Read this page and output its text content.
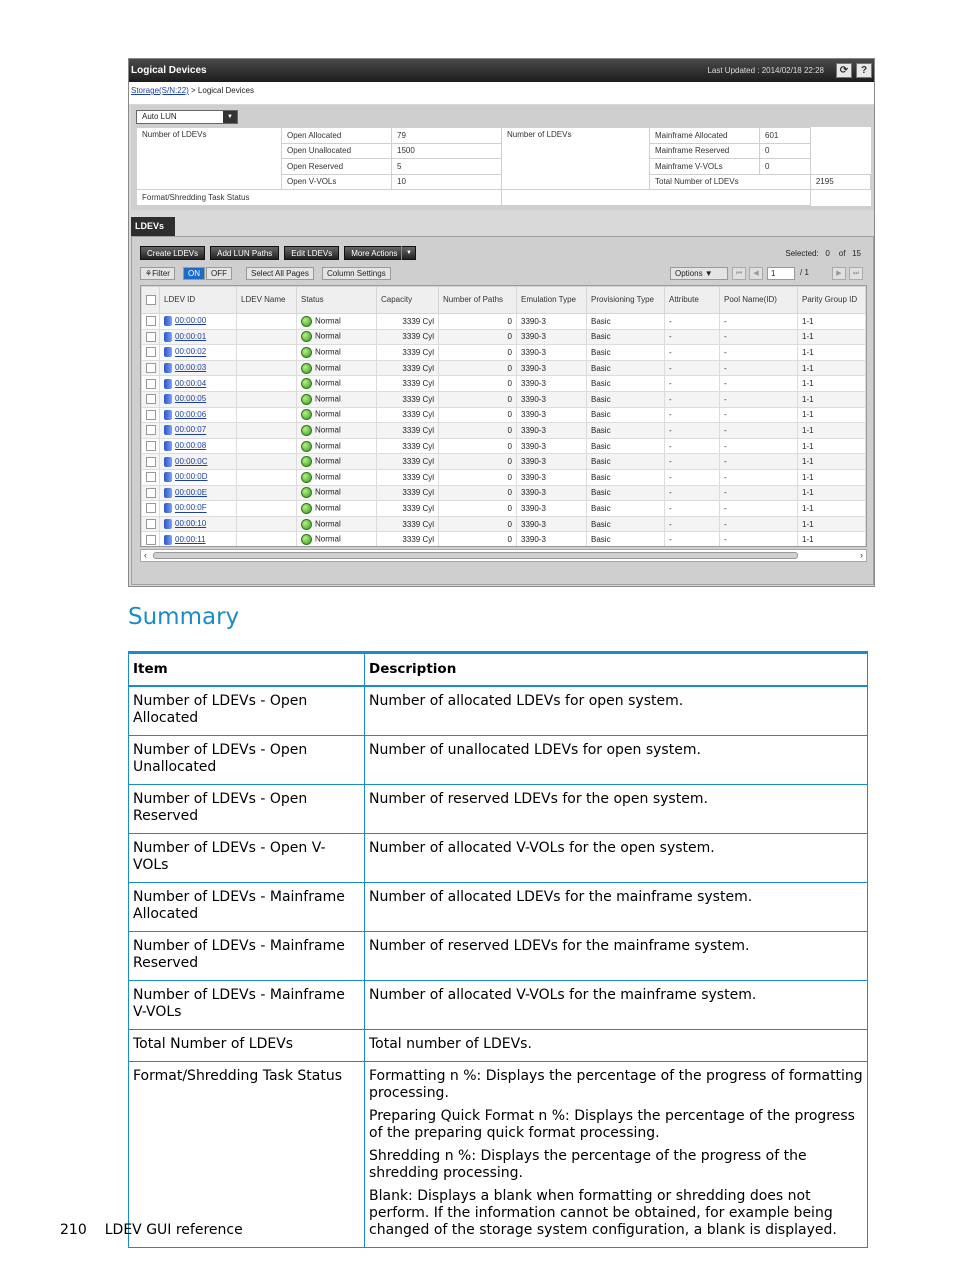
Logical Devices	Last Updated : 2014/02/18 22:28	⟳	?
Storage(S/N:22) > Logical Devices
Auto LUN	▼
Number of LDEVs	Open Allocated	79	Number of LDEVs	Mainframe Allocated	601	
	Open Unallocated	1500		Mainframe Reserved	0	
	Open Reserved	5		Mainframe V-VOLs	0	
	Open V-VOLs	10		Total Number of LDEVs		2195
Format/Shredding Task Status						
LDEVs
Create LDEVs	Add LUN Paths	Edit LDEVs	More Actions	▼	Selected: 0 of 15
⚘Filter	ON	OFF	Select All Pages	Column Settings	Options ▼	⏮	◀	1	/ 1	▶	⏭
	LDEV ID	LDEV Name	Status	Capacity	Number of Paths	Emulation Type	Provisioning Type	Attribute	Pool Name(ID)	Parity Group ID
	00:00:00		Normal	3339 Cyl	0	3390-3	Basic	-	-	1-1
	00:00:01		Normal	3339 Cyl	0	3390-3	Basic	-	-	1-1
	00:00:02		Normal	3339 Cyl	0	3390-3	Basic	-	-	1-1
	00:00:03		Normal	3339 Cyl	0	3390-3	Basic	-	-	1-1
	00:00:04		Normal	3339 Cyl	0	3390-3	Basic	-	-	1-1
	00:00:05		Normal	3339 Cyl	0	3390-3	Basic	-	-	1-1
	00:00:06		Normal	3339 Cyl	0	3390-3	Basic	-	-	1-1
	00:00:07		Normal	3339 Cyl	0	3390-3	Basic	-	-	1-1
	00:00:08		Normal	3339 Cyl	0	3390-3	Basic	-	-	1-1
	00:00:0C		Normal	3339 Cyl	0	3390-3	Basic	-	-	1-1
	00:00:0D		Normal	3339 Cyl	0	3390-3	Basic	-	-	1-1
	00:00:0E		Normal	3339 Cyl	0	3390-3	Basic	-	-	1-1
	00:00:0F		Normal	3339 Cyl	0	3390-3	Basic	-	-	1-1
	00:00:10		Normal	3339 Cyl	0	3390-3	Basic	-	-	1-1
	00:00:11		Normal	3339 Cyl	0	3390-3	Basic	-	-	1-1
‹	›
Summary
Item	Description
Number of LDEVs - Open Allocated	Number of allocated LDEVs for open system.

Number of LDEVs - Open Unallocated	Number of unallocated LDEVs for open system.

Number of LDEVs - Open Reserved	Number of reserved LDEVs for the open system.

Number of LDEVs - Open V-VOLs	Number of allocated V-VOLs for the open system.

Number of LDEVs - Mainframe Allocated	Number of allocated LDEVs for the mainframe system.

Number of LDEVs - Mainframe Reserved	Number of reserved LDEVs for the mainframe system.

Number of LDEVs - Mainframe V-VOLs	Number of allocated V-VOLs for the mainframe system.

Total Number of LDEVs	Total number of LDEVs.

Format/Shredding Task Status	Formatting n %: Displays the percentage of the progress of formatting processing.

Preparing Quick Format n %: Displays the percentage of the progress of the preparing quick format processing.

Shredding n %: Displays the percentage of the progress of the shredding processing.

Blank: Displays a blank when formatting or shredding does not perform. If the information cannot be obtained, for example being changed of the storage system configuration, a blank is displayed.

210 LDEV GUI reference
